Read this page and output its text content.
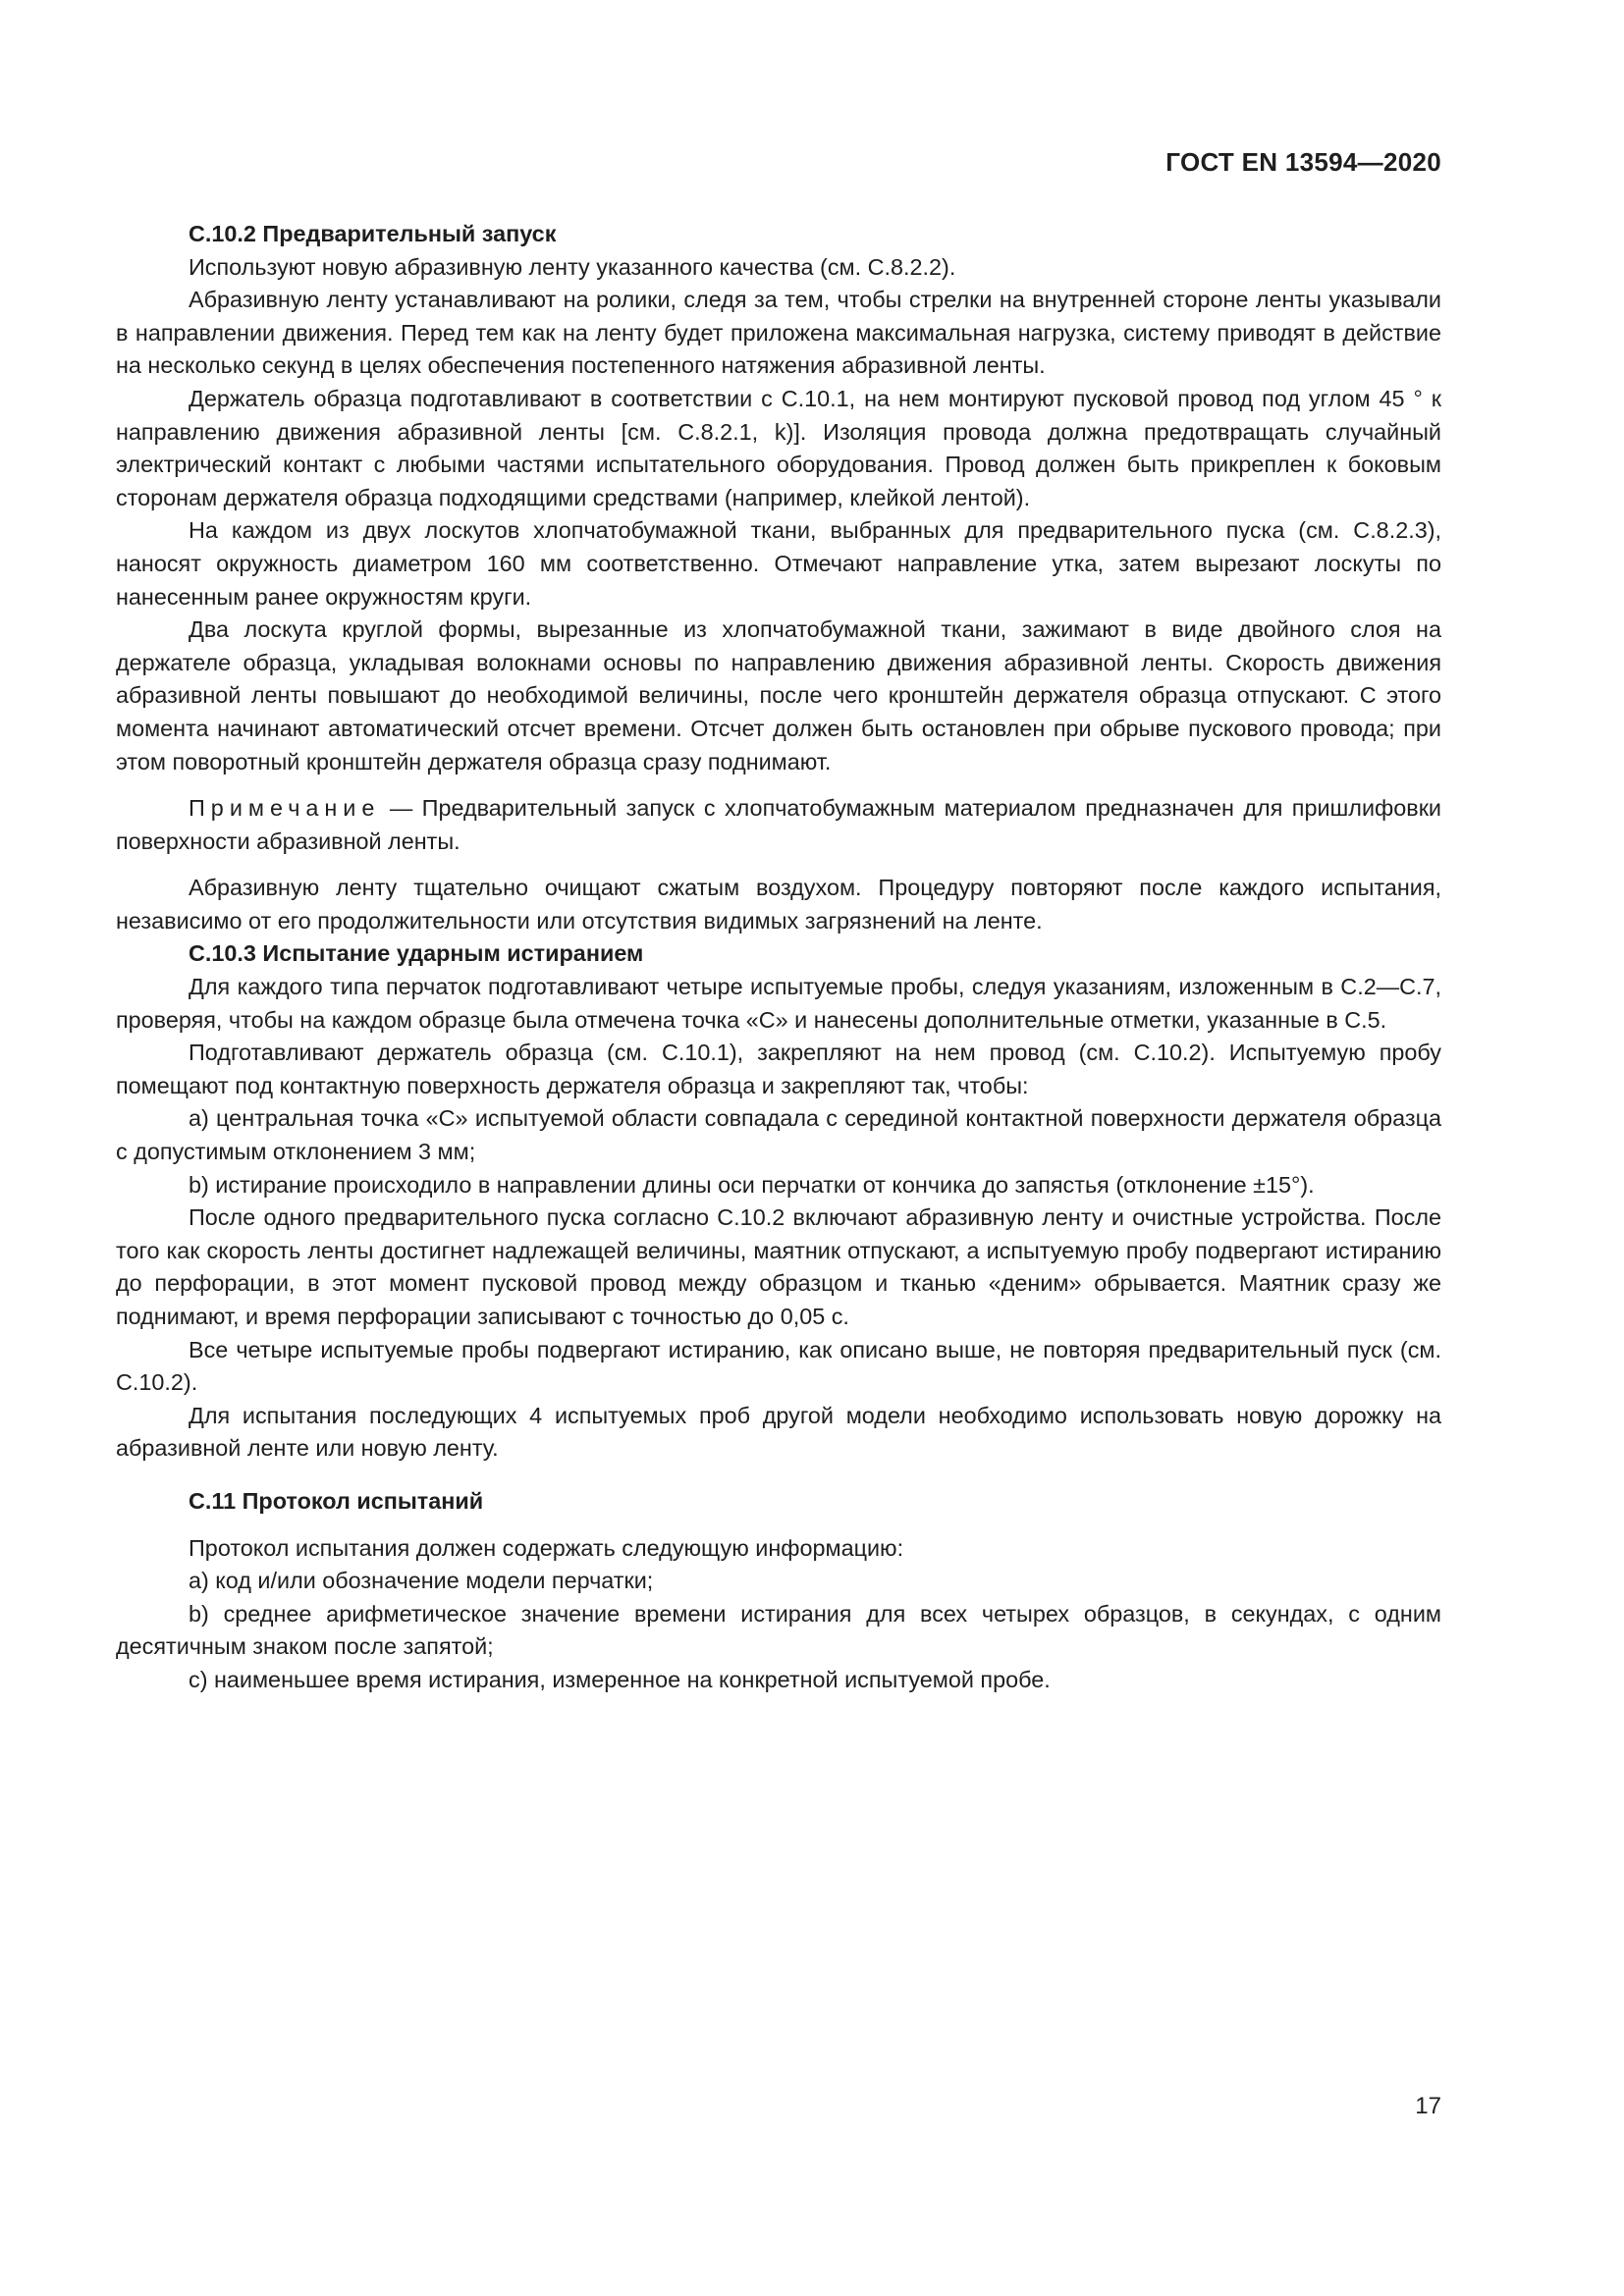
ГОСТ EN 13594—2020

C.10.2 Предварительный запуск

Используют новую абразивную ленту указанного качества (см. C.8.2.2).

Абразивную ленту устанавливают на ролики, следя за тем, чтобы стрелки на внутренней стороне ленты указывали в направлении движения. Перед тем как на ленту будет приложена максимальная нагрузка, систему приводят в действие на несколько секунд в целях обеспечения постепенного натяжения абразивной ленты.

Держатель образца подготавливают в соответствии с C.10.1, на нем монтируют пусковой провод под углом 45 ° к направлению движения абразивной ленты [см. C.8.2.1, k)]. Изоляция провода должна предотвращать случайный электрический контакт с любыми частями испытательного оборудования. Провод должен быть прикреплен к боковым сторонам держателя образца подходящими средствами (например, клейкой лентой).

На каждом из двух лоскутов хлопчатобумажной ткани, выбранных для предварительного пуска (см. C.8.2.3), наносят окружность диаметром 160 мм соответственно. Отмечают направление утка, затем вырезают лоскуты по нанесенным ранее окружностям круги.

Два лоскута круглой формы, вырезанные из хлопчатобумажной ткани, зажимают в виде двойного слоя на держателе образца, укладывая волокнами основы по направлению движения абразивной ленты. Скорость движения абразивной ленты повышают до необходимой величины, после чего кронштейн держателя образца отпускают. С этого момента начинают автоматический отсчет времени. Отсчет должен быть остановлен при обрыве пускового провода; при этом поворотный кронштейн держателя образца сразу поднимают.

Примечание — Предварительный запуск с хлопчатобумажным материалом предназначен для пришлифовки поверхности абразивной ленты.

Абразивную ленту тщательно очищают сжатым воздухом. Процедуру повторяют после каждого испытания, независимо от его продолжительности или отсутствия видимых загрязнений на ленте.

C.10.3 Испытание ударным истиранием

Для каждого типа перчаток подготавливают четыре испытуемые пробы, следуя указаниям, изложенным в C.2—C.7, проверяя, чтобы на каждом образце была отмечена точка «C» и нанесены дополнительные отметки, указанные в C.5.

Подготавливают держатель образца (см. C.10.1), закрепляют на нем провод (см. C.10.2). Испытуемую пробу помещают под контактную поверхность держателя образца и закрепляют так, чтобы:

a) центральная точка «C» испытуемой области совпадала с серединой контактной поверхности держателя образца с допустимым отклонением 3 мм;

b) истирание происходило в направлении длины оси перчатки от кончика до запястья (отклонение ±15°).

После одного предварительного пуска согласно C.10.2 включают абразивную ленту и очистные устройства. После того как скорость ленты достигнет надлежащей величины, маятник отпускают, а испытуемую пробу подвергают истиранию до перфорации, в этот момент пусковой провод между образцом и тканью «деним» обрывается. Маятник сразу же поднимают, и время перфорации записывают с точностью до 0,05 с.

Все четыре испытуемые пробы подвергают истиранию, как описано выше, не повторяя предварительный пуск (см. C.10.2).

Для испытания последующих 4 испытуемых проб другой модели необходимо использовать новую дорожку на абразивной ленте или новую ленту.

C.11 Протокол испытаний

Протокол испытания должен содержать следующую информацию:

a) код и/или обозначение модели перчатки;

b) среднее арифметическое значение времени истирания для всех четырех образцов, в секундах, с одним десятичным знаком после запятой;

c) наименьшее время истирания, измеренное на конкретной испытуемой пробе.

17
